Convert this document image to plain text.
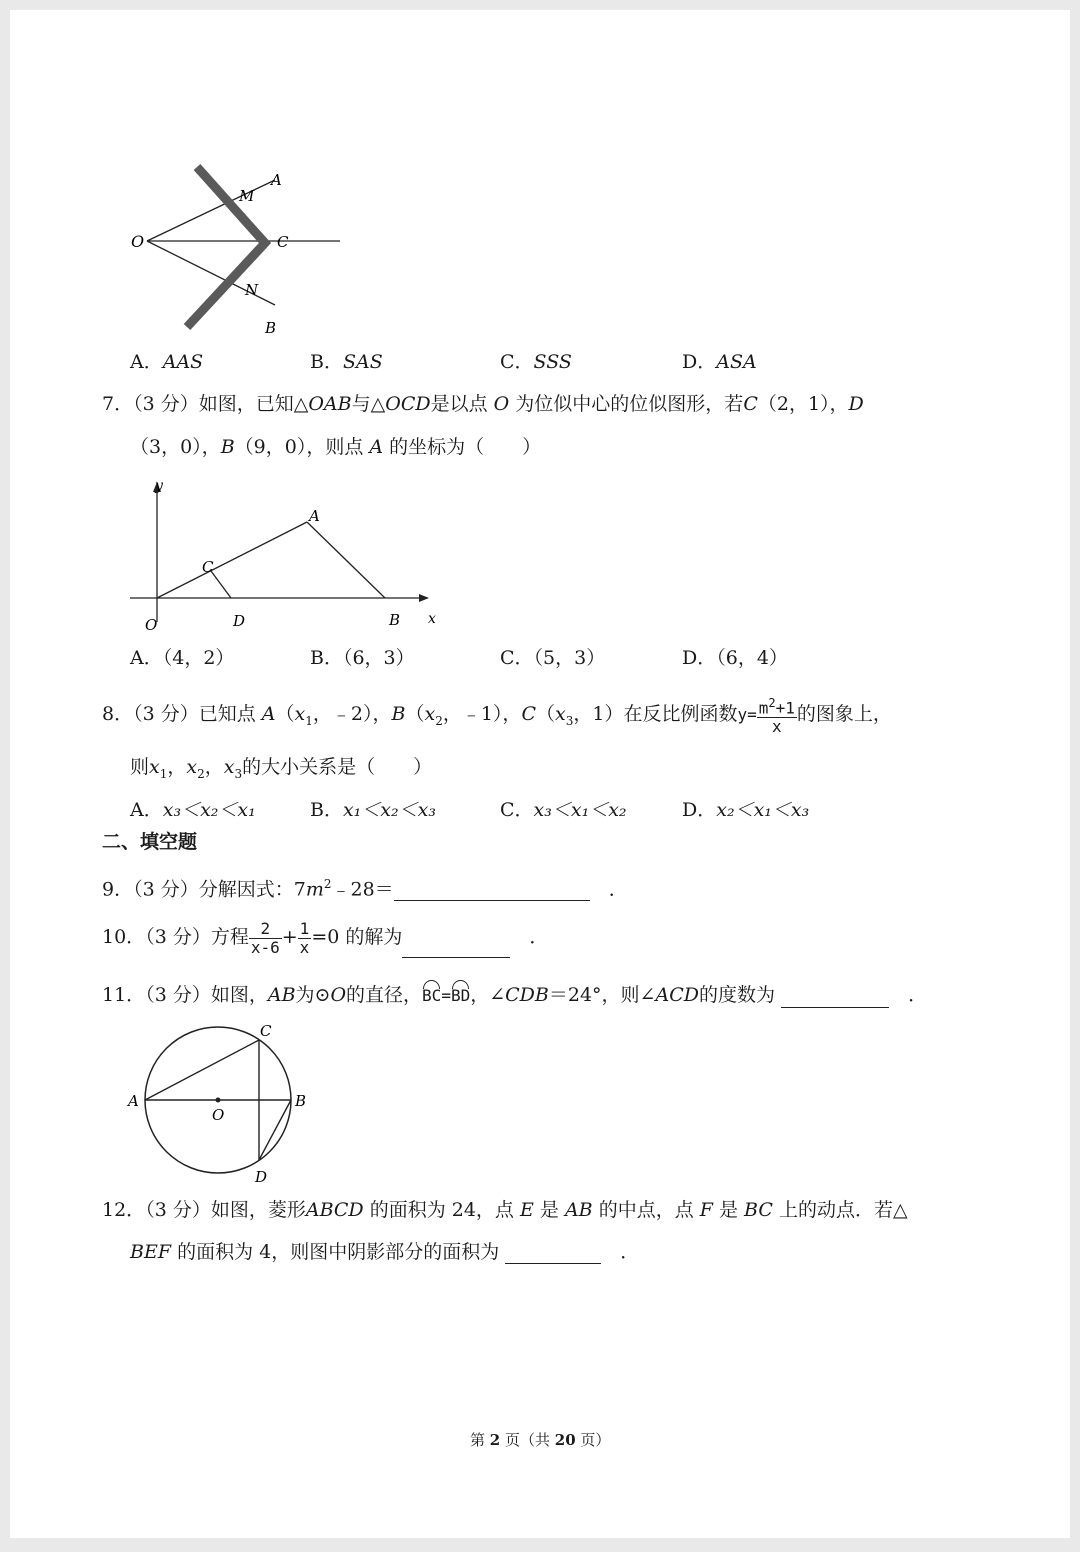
O
M
A
C
N
B
A．AAS	B．SAS	C．SSS	D．ASA
7．（3 分）如图，已知△OAB与△OCD是以点 O 为位似中心的位似图形，若C（2，1），D
（3，0），B（9，0），则点 A 的坐标为（　　）
y
x
O
A
C
D	B
A．（4，2）	B．（6，3）	C．（5，3）	D．（6，4）
8．（3 分）已知点 $A(x_1$，﹣2），$B(x_2$，﹣1），$C(x_3$，1）在反比例函数$y= \frac{m^2+1}{x}$ 的图象上，
则$x_1$，$x_2$，$x_3$的大小关系是（　　）
A．x₃＜x₂＜x₁	B．x₁＜x₂＜x₃	C．x₃＜x₁＜x₂	D．x₂＜x₁＜x₃
二、填空题
9．（3 分）分解因式：$7m^2﹣28=$　	．
10．（3 分）方程 $\frac{2}{x-6} + \frac{1}{x} =0$ 的解为　	．
11．（3 分）如图，AB为⊙O的直径，BC=BD，∠CDB＝24°，则∠ACD的度数为 　	．
A	B
C
D
O
12．（3 分）如图，菱形ABCD 的面积为 24，点 E 是 AB 的中点，点 F 是 BC 上的动点．若△
BEF 的面积为 4，则图中阴影部分的面积为 　	．
第 2 页（共 20 页）
